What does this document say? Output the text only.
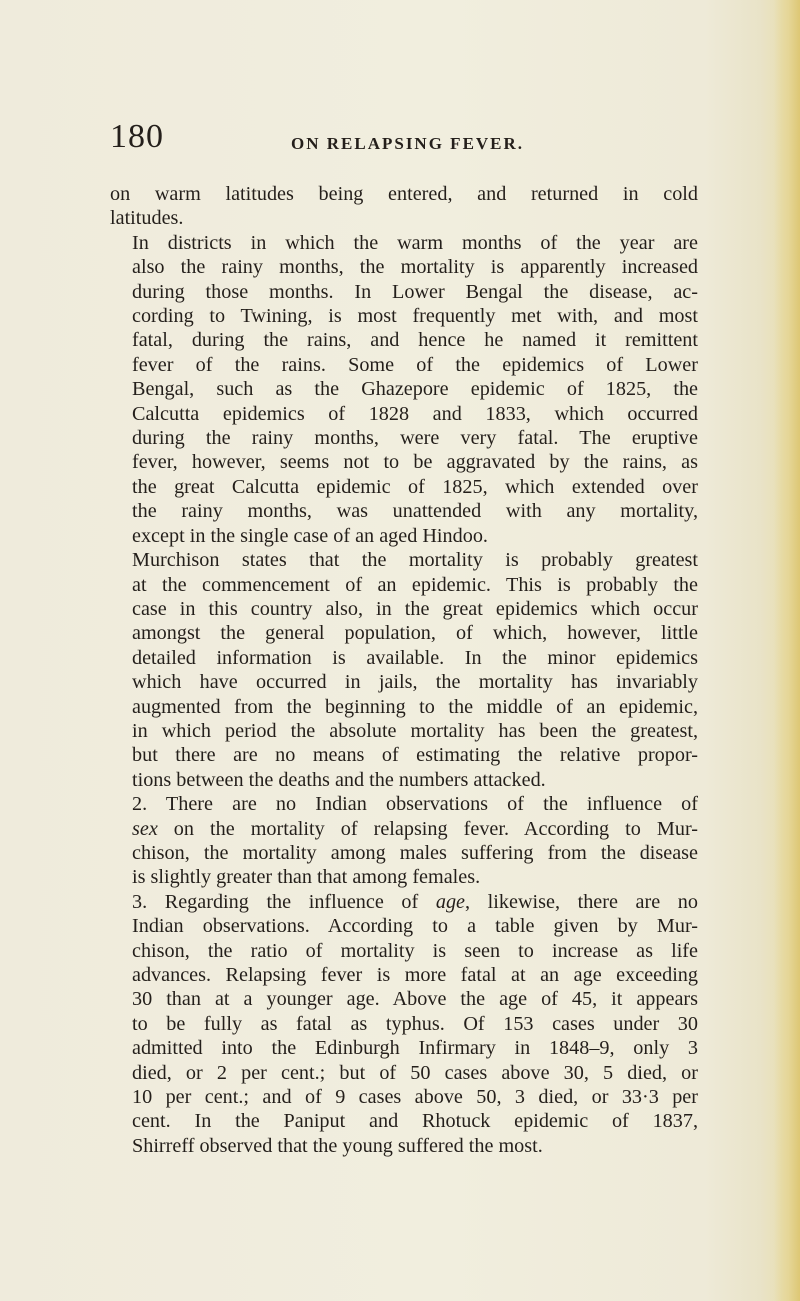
180	ON RELAPSING FEVER.

on warm latitudes being entered, and returned in cold
latitudes.

In districts in which the warm months of the year are
also the rainy months, the mortality is apparently increased
during those months. In Lower Bengal the disease, ac-
cording to Twining, is most frequently met with, and most
fatal, during the rains, and hence he named it remittent
fever of the rains. Some of the epidemics of Lower
Bengal, such as the Ghazepore epidemic of 1825, the
Calcutta epidemics of 1828 and 1833, which occurred
during the rainy months, were very fatal. The eruptive
fever, however, seems not to be aggravated by the rains, as
the great Calcutta epidemic of 1825, which extended over
the rainy months, was unattended with any mortality,
except in the single case of an aged Hindoo.

Murchison states that the mortality is probably greatest
at the commencement of an epidemic. This is probably the
case in this country also, in the great epidemics which occur
amongst the general population, of which, however, little
detailed information is available. In the minor epidemics
which have occurred in jails, the mortality has invariably
augmented from the beginning to the middle of an epidemic,
in which period the absolute mortality has been the greatest,
but there are no means of estimating the relative propor-
tions between the deaths and the numbers attacked.

2. There are no Indian observations of the influence of
sex on the mortality of relapsing fever. According to Mur-
chison, the mortality among males suffering from the disease
is slightly greater than that among females.

3. Regarding the influence of age, likewise, there are no
Indian observations. According to a table given by Mur-
chison, the ratio of mortality is seen to increase as life
advances. Relapsing fever is more fatal at an age exceeding
30 than at a younger age. Above the age of 45, it appears
to be fully as fatal as typhus. Of 153 cases under 30
admitted into the Edinburgh Infirmary in 1848–9, only 3
died, or 2 per cent.; but of 50 cases above 30, 5 died, or
10 per cent.; and of 9 cases above 50, 3 died, or 33·3 per
cent. In the Paniput and Rhotuck epidemic of 1837,
Shirreff observed that the young suffered the most.
